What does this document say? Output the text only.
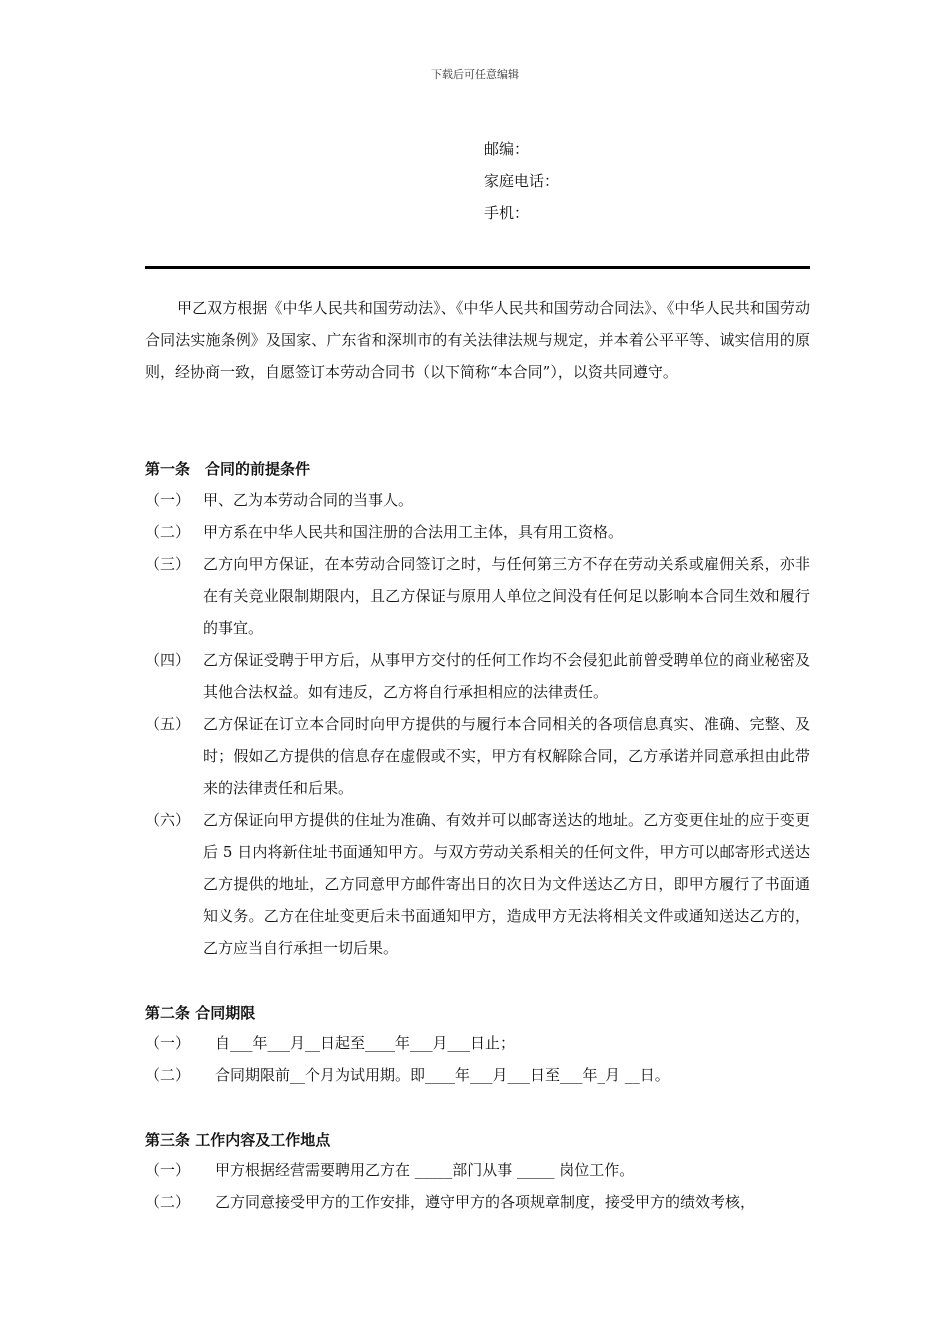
下载后可任意编辑
邮编：
家庭电话：
手机：

甲乙双方根据《中华人民共和国劳动法》、《中华人民共和国劳动合同法》、《中华人民共和国劳动合同法实施条例》及国家、广东省和深圳市的有关法律法规与规定，并本着公平平等、诚实信用的原则，经协商一致，自愿签订本劳动合同书（以下简称“本合同”），以资共同遵守。

第一条　合同的前提条件
（一） 甲、乙为本劳动合同的当事人。
（二） 甲方系在中华人民共和国注册的合法用工主体，具有用工资格。
（三） 乙方向甲方保证，在本劳动合同签订之时，与任何第三方不存在劳动关系或雇佣关系，亦非在有关竞业限制期限内，且乙方保证与原用人单位之间没有任何足以影响本合同生效和履行的事宜。
（四） 乙方保证受聘于甲方后，从事甲方交付的任何工作均不会侵犯此前曾受聘单位的商业秘密及其他合法权益。如有违反，乙方将自行承担相应的法律责任。
（五） 乙方保证在订立本合同时向甲方提供的与履行本合同相关的各项信息真实、准确、完整、及时；假如乙方提供的信息存在虚假或不实，甲方有权解除合同，乙方承诺并同意承担由此带来的法律责任和后果。
（六） 乙方保证向甲方提供的住址为准确、有效并可以邮寄送达的地址。乙方变更住址的应于变更后 5 日内将新住址书面通知甲方。与双方劳动关系相关的任何文件，甲方可以邮寄形式送达乙方提供的地址，乙方同意甲方邮件寄出日的次日为文件送达乙方日，即甲方履行了书面通知义务。乙方在住址变更后未书面通知甲方，造成甲方无法将相关文件或通知送达乙方的，乙方应当自行承担一切后果。
第二条 合同期限
（一）	自___年___月__日起至____年___月___日止；
（二）	合同期限前__个月为试用期。即____年___月___日至___年_月 __日。
第三条 工作内容及工作地点
（一）	甲方根据经营需要聘用乙方在 _____部门从事 _____ 岗位工作。
（二）	乙方同意接受甲方的工作安排，遵守甲方的各项规章制度，接受甲方的绩效考核，
